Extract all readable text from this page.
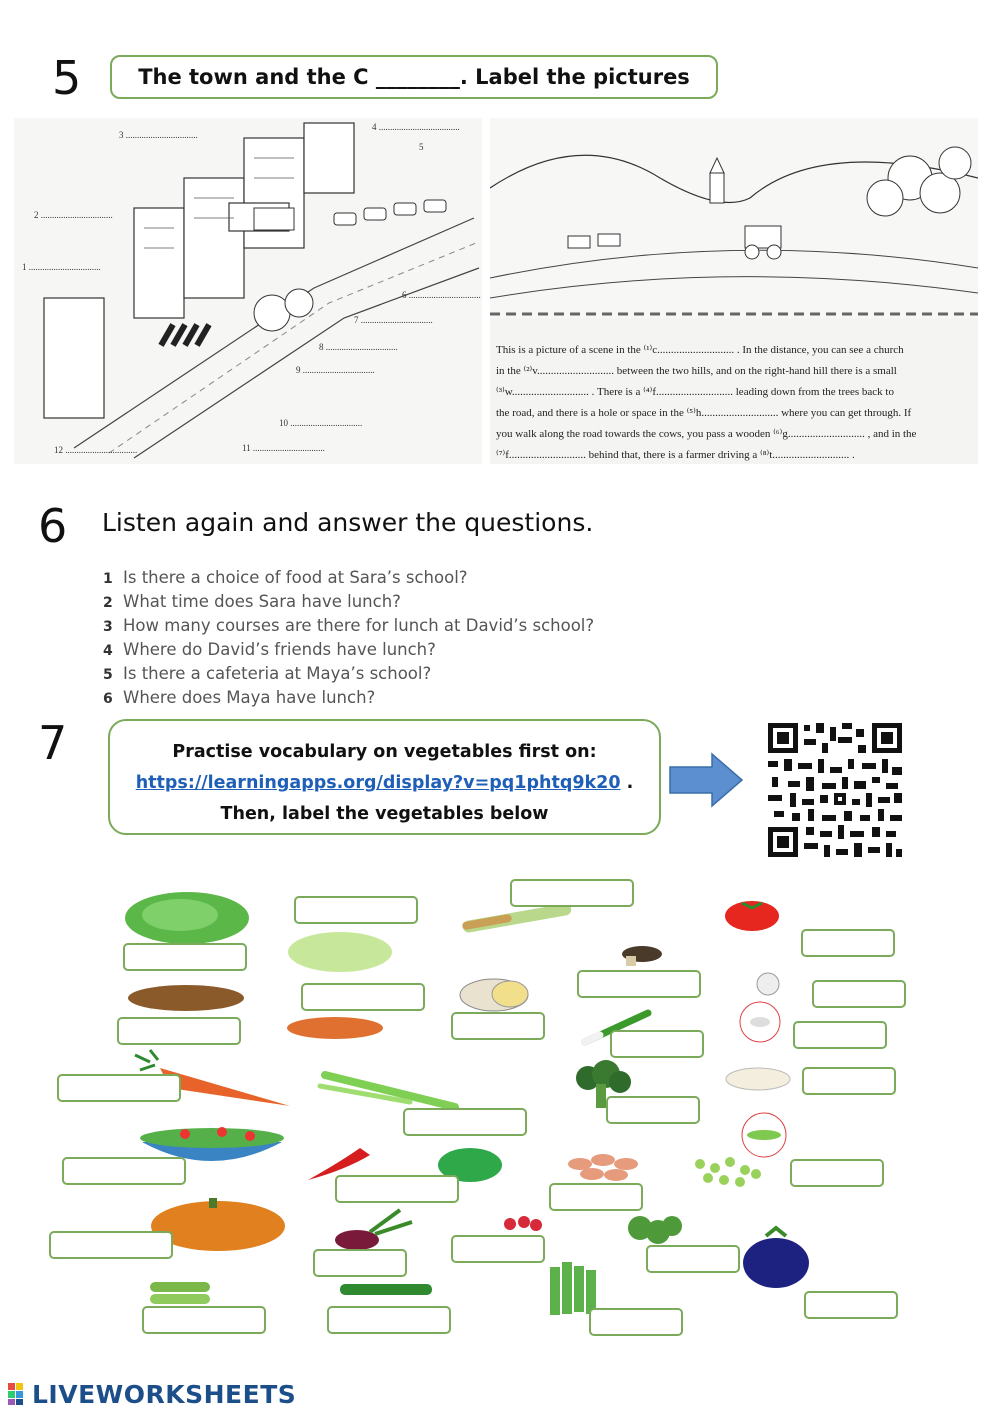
5	The town and the C ________. Label the pictures
1 ................................
2 ................................
3 ................................
4 ....................................
5
6 ................................
7 ................................
8 ................................
9 ................................
10 ................................
11 ................................
12 ................................
This is a picture of a scene in the ⁽¹⁾c............................ . In the distance, you can see a church
in the ⁽²⁾v............................ between the two hills, and on the right-hand hill there is a small
⁽³⁾w............................ . There is a ⁽⁴⁾f............................ leading down from the trees back to
the road, and there is a hole or space in the ⁽⁵⁾h............................ where you can get through. If
you walk along the road towards the cows, you pass a wooden ⁽⁶⁾g............................ , and in the
⁽⁷⁾f............................ behind that, there is a farmer driving a ⁽⁸⁾t............................ .
6 Listen again and answer the questions.
1 Is there a choice of food at Sara’s school?
2 What time does Sara have lunch?
3 How many courses are there for lunch at David’s school?
4 Where do David’s friends have lunch?
5 Is there a cafeteria at Maya’s school?
6 Where does Maya have lunch?
7	Practise vocabulary on vegetables first on:
https://learningapps.org/display?v=pq1phtq9k20 .
Then, label the vegetables below
LIVEWORKSHEETS
